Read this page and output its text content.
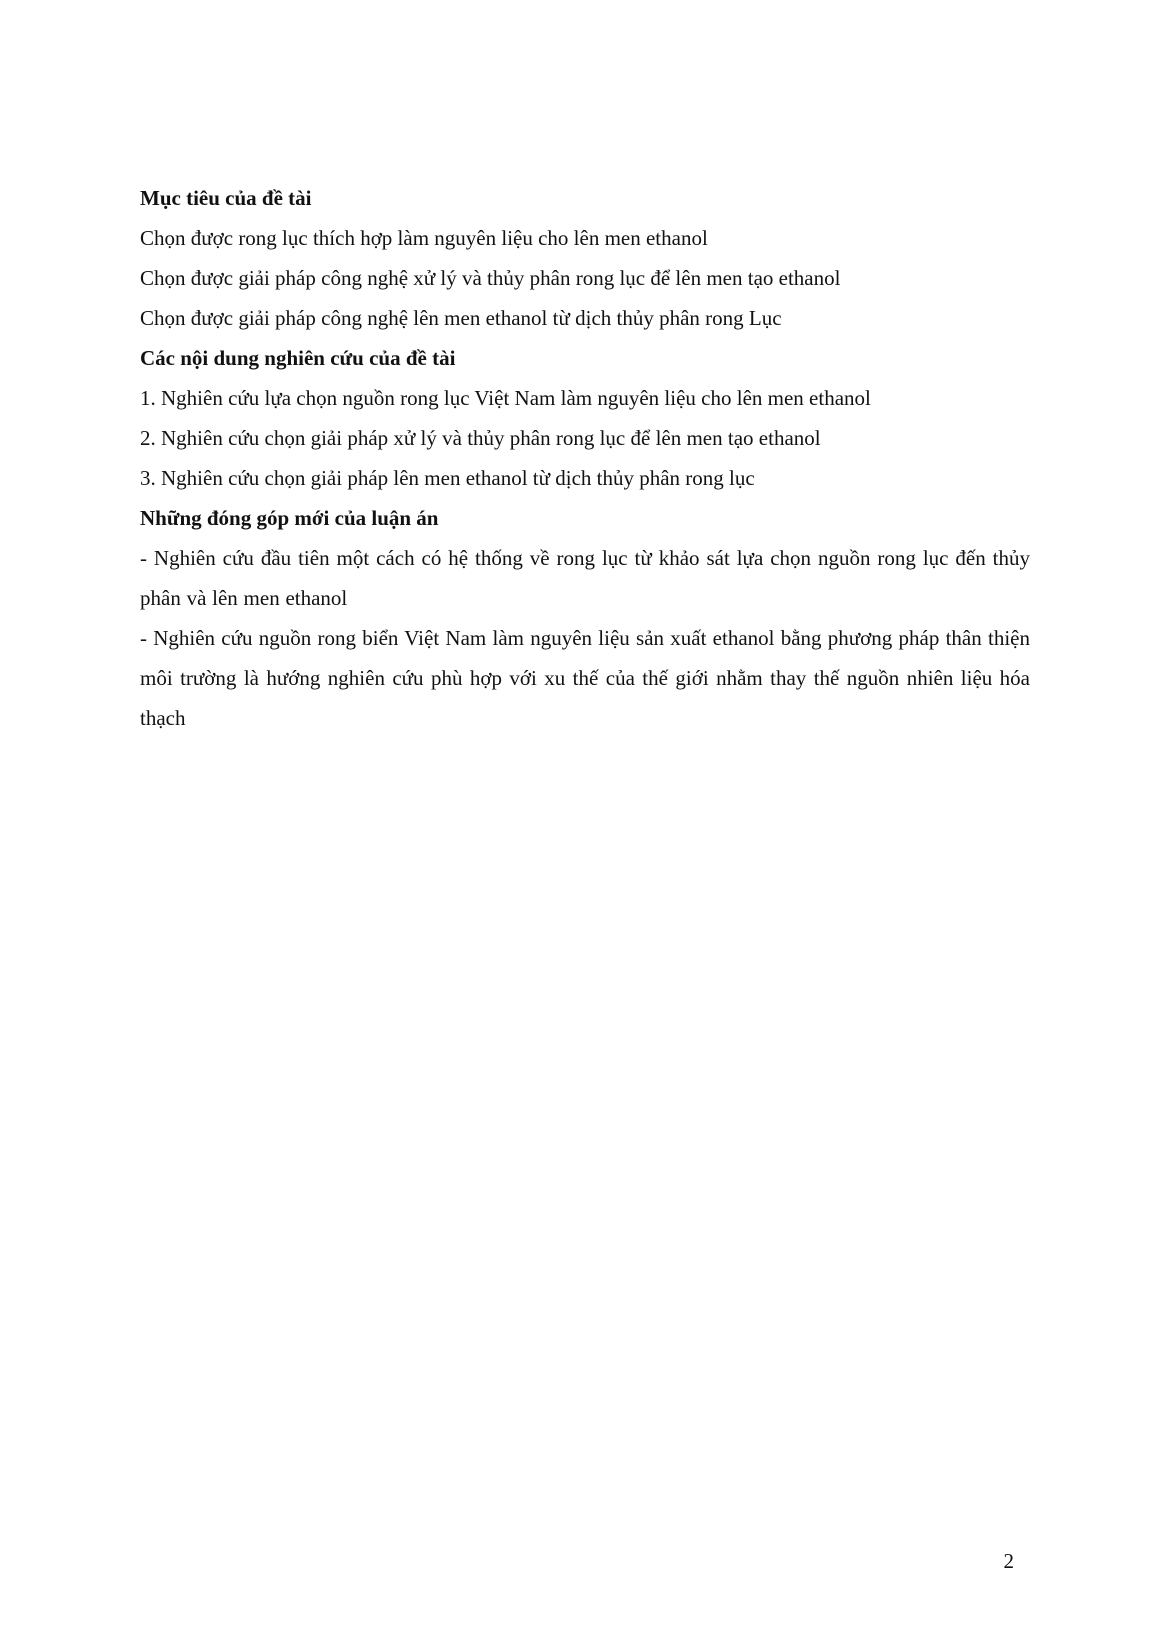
Mục tiêu của đề tài

Chọn được rong lục thích hợp làm nguyên liệu cho lên men ethanol

Chọn được giải pháp công nghệ xử lý và thủy phân rong lục để lên men tạo ethanol

Chọn được giải pháp công nghệ lên men ethanol từ dịch thủy phân rong Lục

Các nội dung nghiên cứu của đề tài

1. Nghiên cứu lựa chọn nguồn rong lục Việt Nam làm nguyên liệu cho lên men ethanol

2. Nghiên cứu chọn giải pháp xử lý và thủy phân rong lục để lên men tạo ethanol

3. Nghiên cứu chọn giải pháp lên men ethanol từ dịch thủy phân rong lục

Những đóng góp mới của luận án

- Nghiên cứu đầu tiên một cách có hệ thống về rong lục từ khảo sát lựa chọn nguồn rong lục đến thủy phân và lên men ethanol

- Nghiên cứu nguồn rong biển Việt Nam làm nguyên liệu sản xuất ethanol bằng phương pháp thân thiện môi trường là hướng nghiên cứu phù hợp với xu thế của thế giới nhằm thay thế nguồn nhiên liệu hóa thạch

2
